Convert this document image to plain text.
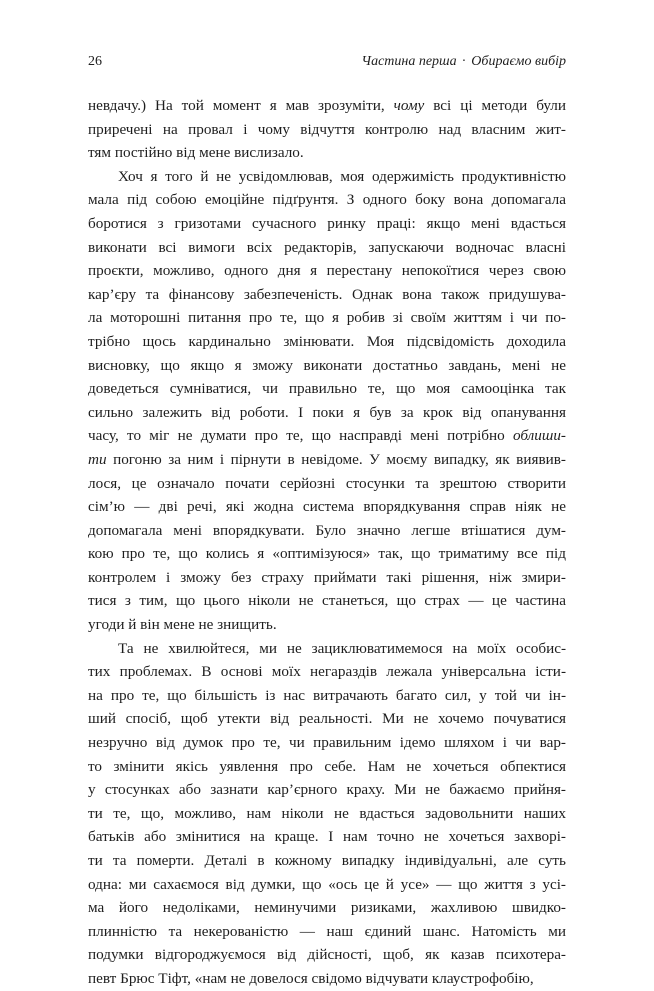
26	Частина перша · Обираємо вибір
невдачу.) На той момент я мав зрозуміти, чому всі ці методи були
приречені на провал і чому відчуття контролю над власним жит-
тям постійно від мене вислизало.
Хоч я того й не усвідомлював, моя одержимість продуктивністю
мала під собою емоційне підґрунтя. З одного боку вона допомагала
боротися з гризотами сучасного ринку праці: якщо мені вдасться
виконати всі вимоги всіх редакторів, запускаючи водночас власні
проєкти, можливо, одного дня я перестану непокоїтися через свою
кар’єру та фінансову забезпеченість. Однак вона також придушува-
ла моторошні питання про те, що я робив зі своїм життям і чи по-
трібно щось кардинально змінювати. Моя підсвідомість доходила
висновку, що якщо я зможу виконати достатньо завдань, мені не
доведеться сумніватися, чи правильно те, що моя самооцінка так
сильно залежить від роботи. І поки я був за крок від опанування
часу, то міг не думати про те, що насправді мені потрібно облиши-
ти погоню за ним і пірнути в невідоме. У моєму випадку, як виявив-
лося, це означало почати серйозні стосунки та зрештою створити
сім’ю — дві речі, які жодна система впорядкування справ ніяк не
допомагала мені впорядкувати. Було значно легше втішатися дум-
кою про те, що колись я «оптимізуюся» так, що триматиму все під
контролем і зможу без страху приймати такі рішення, ніж змири-
тися з тим, що цього ніколи не станеться, що страх — це частина
угоди й він мене не знищить.
Та не хвилюйтеся, ми не зациклюватимемося на моїх особис-
тих проблемах. В основі моїх негараздів лежала універсальна істи-
на про те, що більшість із нас витрачають багато сил, у той чи ін-
ший спосіб, щоб утекти від реальності. Ми не хочемо почуватися
незручно від думок про те, чи правильним ідемо шляхом і чи вар-
то змінити якісь уявлення про себе. Нам не хочеться обпектися
у стосунках або зазнати кар’єрного краху. Ми не бажаємо прийня-
ти те, що, можливо, нам ніколи не вдасться задовольнити наших
батьків або змінитися на краще. І нам точно не хочеться захворі-
ти та померти. Деталі в кожному випадку індивідуальні, але суть
одна: ми сахаємося від думки, що «ось це й усе» — що життя з усі-
ма його недоліками, неминучими ризиками, жахливою швидко-
плинністю та некерованістю — наш єдиний шанс. Натомість ми
подумки відгороджуємося від дійсності, щоб, як казав психотера-
певт Брюс Тіфт, «нам не довелося свідомо відчувати клаустрофобію,
